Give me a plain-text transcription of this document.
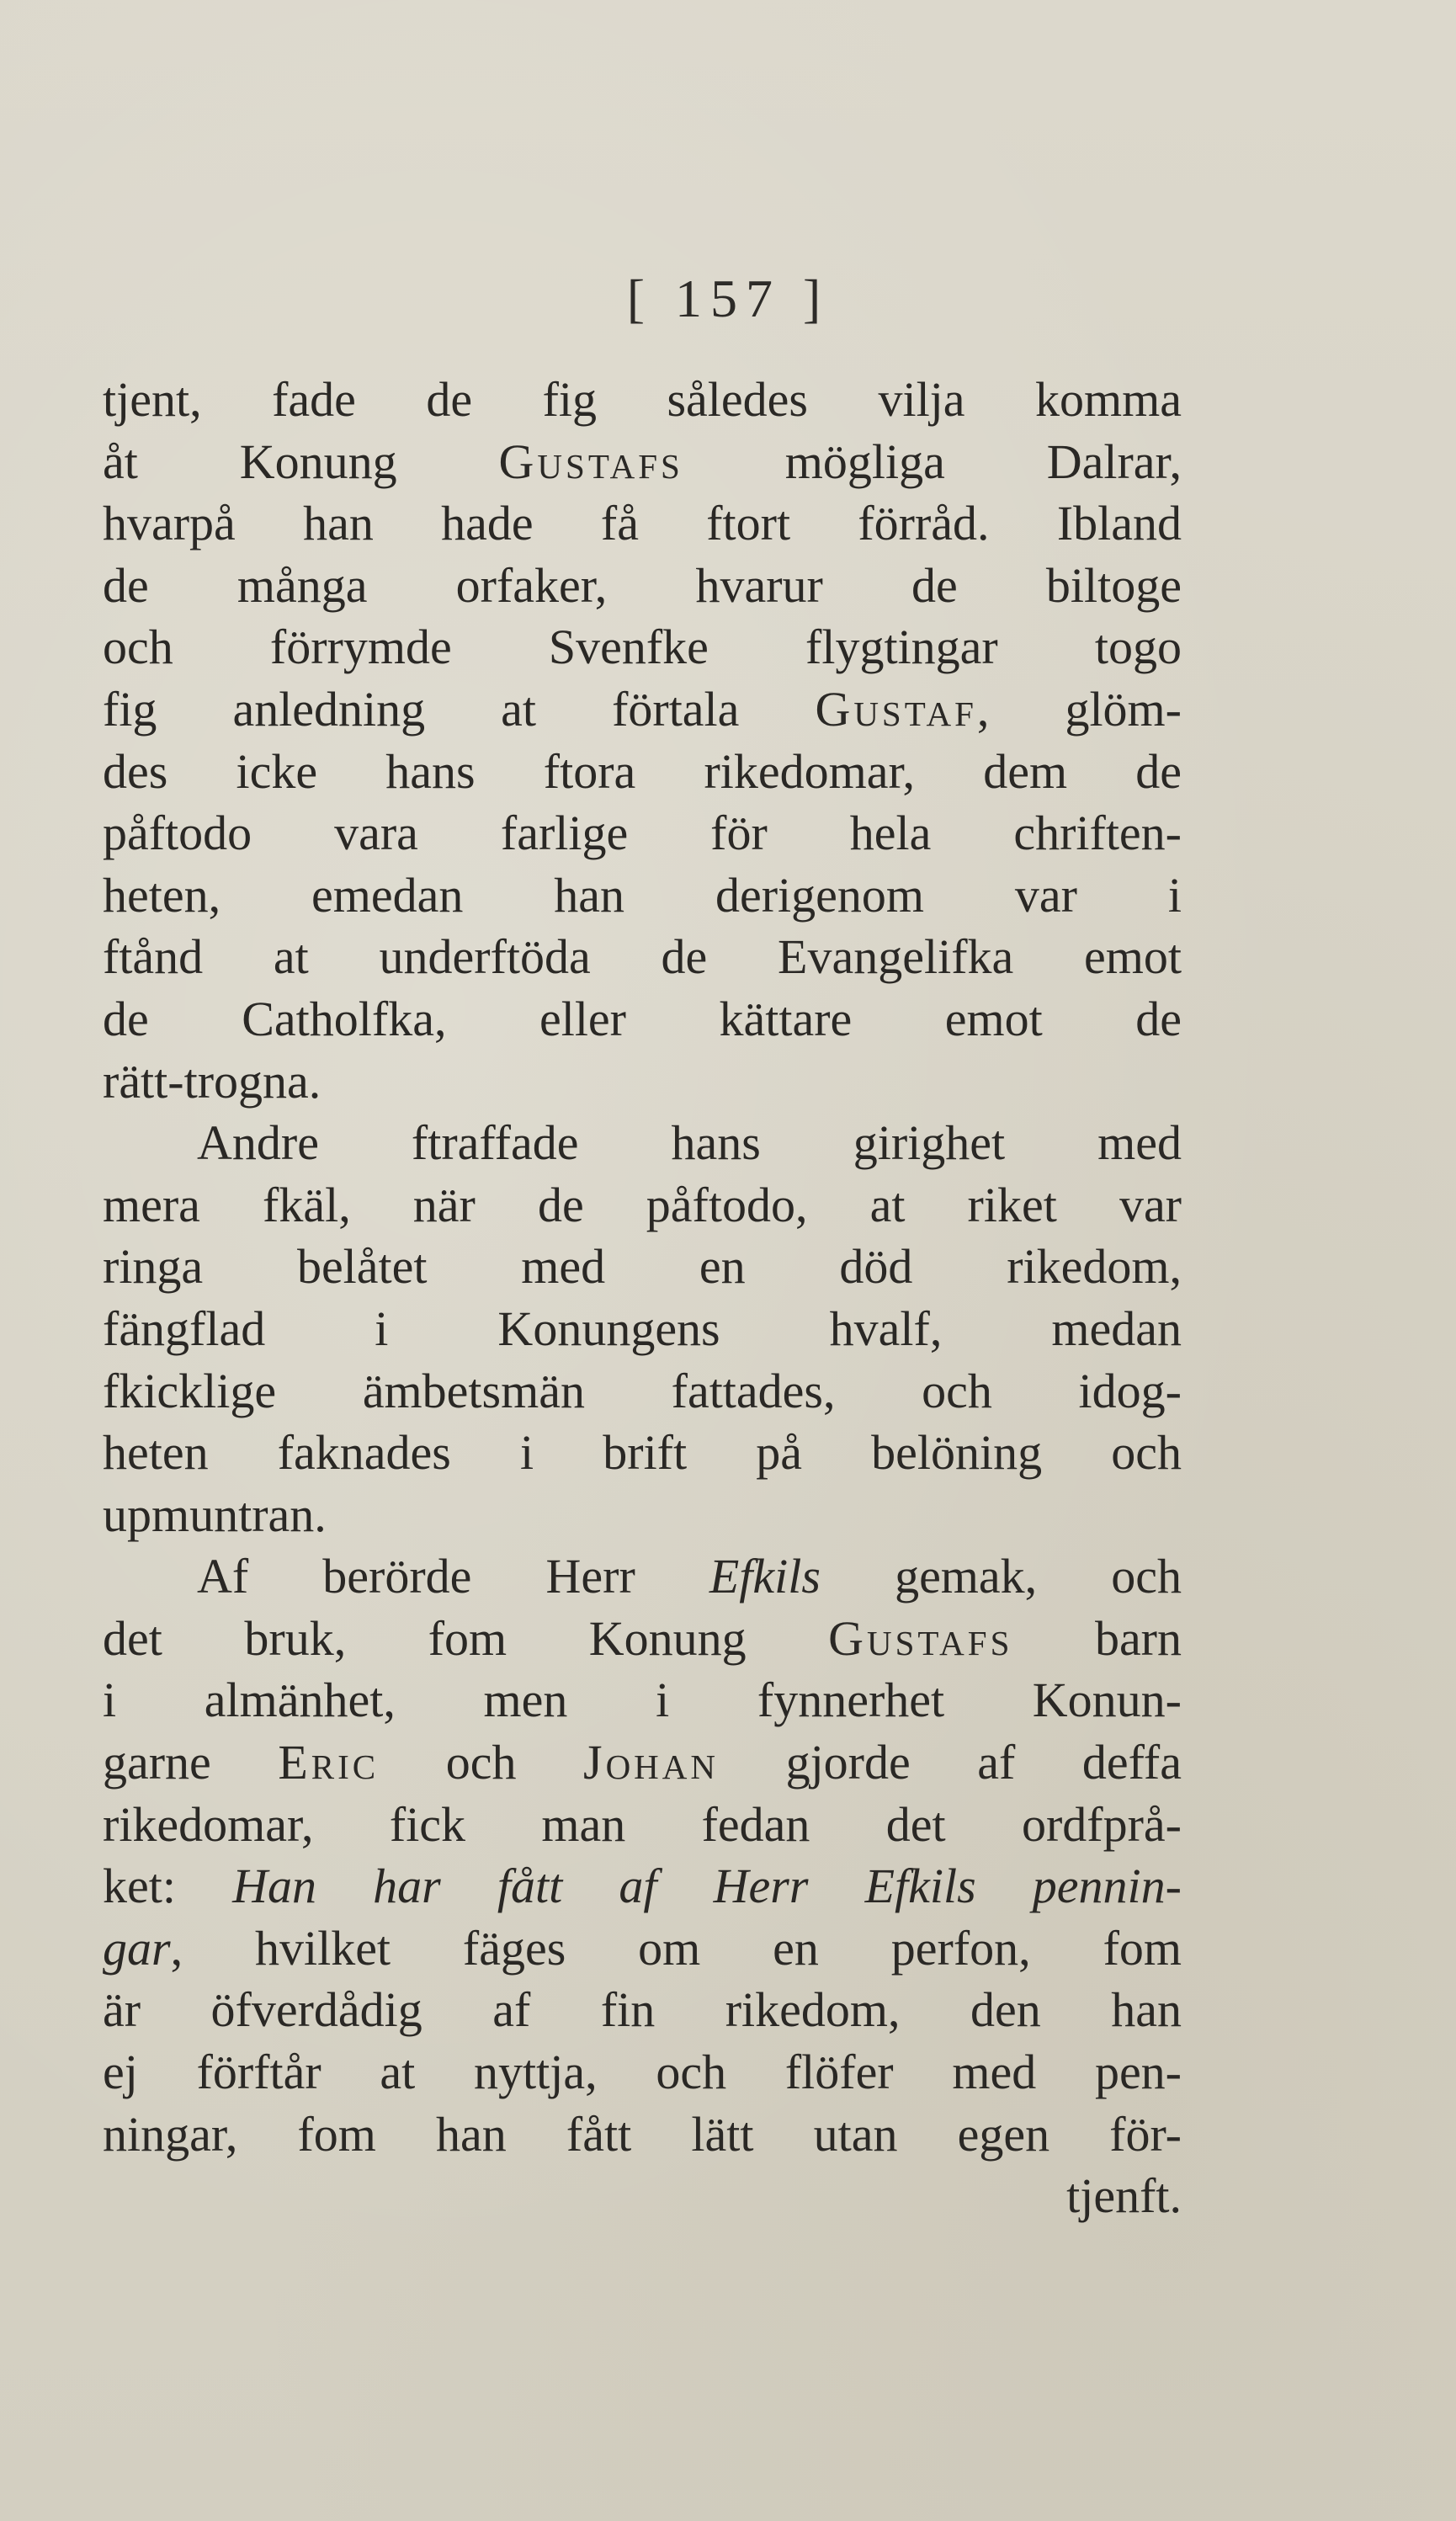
[ 157 ]
tjent, fade de fig således vilja komma
åt Konung Gustafs mögliga Dalrar,
hvarpå han hade få ftort förråd. Ibland
de många orfaker, hvarur de biltoge
och förrymde Svenfke flygtingar togo
fig anledning at förtala Gustaf, glöm-
des icke hans ftora rikedomar, dem de
påftodo vara farlige för hela chriften-
heten, emedan han derigenom var i
ftånd at underftöda de Evangelifka emot
de Catholfka, eller kättare emot de
rätt-trogna.
Andre ftraffade hans girighet med
mera fkäl, när de påftodo, at riket var
ringa belåtet med en död rikedom,
fängflad i Konungens hvalf, medan
fkicklige ämbetsmän fattades, och idog-
heten faknades i brift på belöning och
upmuntran.
Af berörde Herr Efkils gemak, och
det bruk, fom Konung Gustafs barn
i almänhet, men i fynnerhet Konun-
garne Eric och Johan gjorde af deffa
rikedomar, fick man fedan det ordfprå-
ket: Han har fått af Herr Efkils pennin-
gar, hvilket fäges om en perfon, fom
är öfverdådig af fin rikedom, den han
ej förftår at nyttja, och flöfer med pen-
ningar, fom han fått lätt utan egen för-
tjenft.
